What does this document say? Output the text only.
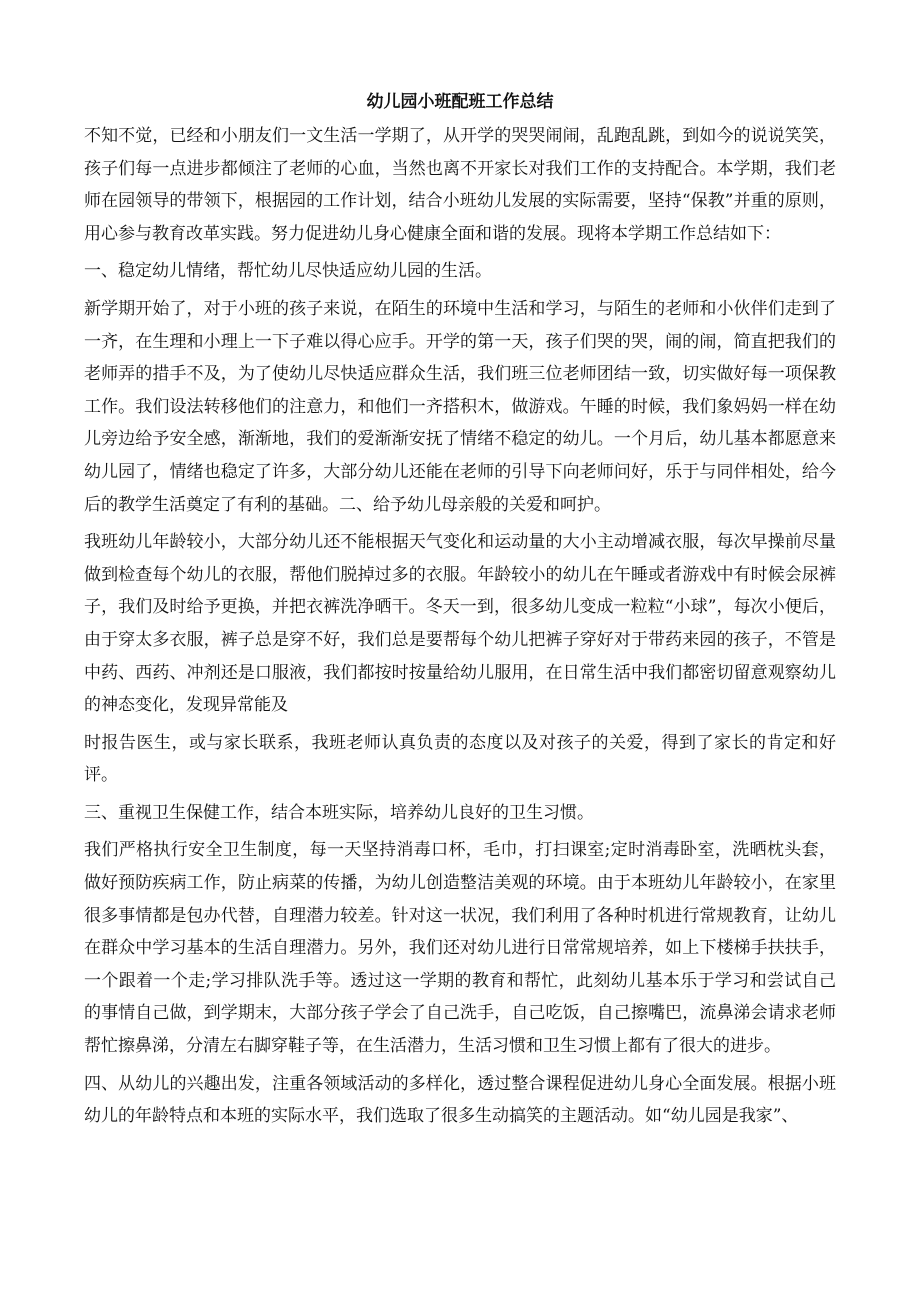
幼儿园小班配班工作总结

不知不觉，已经和小朋友们一文生活一学期了，从开学的哭哭闹闹，乱跑乱跳，到如今的说说笑笑，孩子们每一点进步都倾注了老师的心血，当然也离不开家长对我们工作的支持配合。本学期，我们老师在园领导的带领下，根据园的工作计划，结合小班幼儿发展的实际需要，坚持“保教”并重的原则，用心参与教育改革实践。努力促进幼儿身心健康全面和谐的发展。现将本学期工作总结如下：

一、稳定幼儿情绪，帮忙幼儿尽快适应幼儿园的生活。

新学期开始了，对于小班的孩子来说，在陌生的环境中生活和学习，与陌生的老师和小伙伴们走到了一齐，在生理和小理上一下子难以得心应手。开学的第一天，孩子们哭的哭，闹的闹，简直把我们的老师弄的措手不及，为了使幼儿尽快适应群众生活，我们班三位老师团结一致，切实做好每一项保教工作。我们设法转移他们的注意力，和他们一齐搭积木，做游戏。午睡的时候，我们象妈妈一样在幼儿旁边给予安全感，渐渐地，我们的爱渐渐安抚了情绪不稳定的幼儿。一个月后，幼儿基本都愿意来幼儿园了，情绪也稳定了许多，大部分幼儿还能在老师的引导下向老师问好，乐于与同伴相处，给今后的教学生活奠定了有利的基础。二、给予幼儿母亲般的关爱和呵护。

我班幼儿年龄较小，大部分幼儿还不能根据天气变化和运动量的大小主动增减衣服，每次早操前尽量做到检查每个幼儿的衣服，帮他们脱掉过多的衣服。年龄较小的幼儿在午睡或者游戏中有时候会尿裤子，我们及时给予更换，并把衣裤洗净晒干。冬天一到，很多幼儿变成一粒粒“小球”，每次小便后，由于穿太多衣服，裤子总是穿不好，我们总是要帮每个幼儿把裤子穿好对于带药来园的孩子，不管是中药、西药、冲剂还是口服液，我们都按时按量给幼儿服用，在日常生活中我们都密切留意观察幼儿的神态变化，发现异常能及

时报告医生，或与家长联系，我班老师认真负责的态度以及对孩子的关爱，得到了家长的肯定和好评。

三、重视卫生保健工作，结合本班实际，培养幼儿良好的卫生习惯。

我们严格执行安全卫生制度，每一天坚持消毒口杯，毛巾，打扫课室;定时消毒卧室，洗晒枕头套，做好预防疾病工作，防止病菜的传播，为幼儿创造整洁美观的环境。由于本班幼儿年龄较小，在家里很多事情都是包办代替，自理潜力较差。针对这一状况，我们利用了各种时机进行常规教育，让幼儿在群众中学习基本的生活自理潜力。另外，我们还对幼儿进行日常常规培养，如上下楼梯手扶扶手，一个跟着一个走;学习排队洗手等。透过这一学期的教育和帮忙，此刻幼儿基本乐于学习和尝试自己的事情自己做，到学期末，大部分孩子学会了自己洗手，自己吃饭，自己擦嘴巴，流鼻涕会请求老师帮忙擦鼻涕，分清左右脚穿鞋子等，在生活潜力，生活习惯和卫生习惯上都有了很大的进步。

四、从幼儿的兴趣出发，注重各领域活动的多样化，透过整合课程促进幼儿身心全面发展。根据小班幼儿的年龄特点和本班的实际水平，我们选取了很多生动搞笑的主题活动。如“幼儿园是我家”、
